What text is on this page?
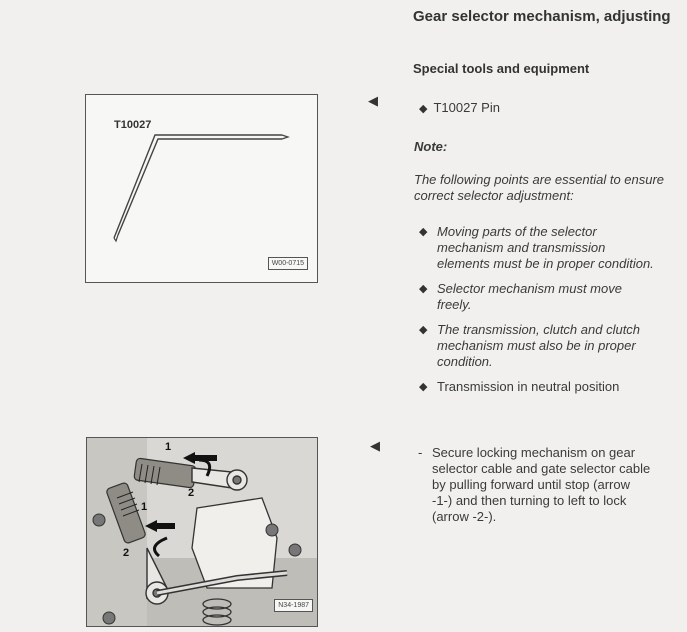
T10027
W00-0715
◀
1
2
1
2
N34-1987
◀
Gear selector mechanism, adjusting
Special tools and equipment
◆ T10027 Pin
Note:
The following points are essential to ensure correct selector adjustment:
◆ Moving parts of the selector mechanism and transmission elements must be in proper condition.
◆ Selector mechanism must move freely.
◆ The transmission, clutch and clutch mechanism must also be in proper condition.
◆ Transmission in neutral position
- Secure locking mechanism on gear selector cable and gate selector cable by pulling forward until stop (arrow -1-) and then turning to left to lock (arrow -2-).
